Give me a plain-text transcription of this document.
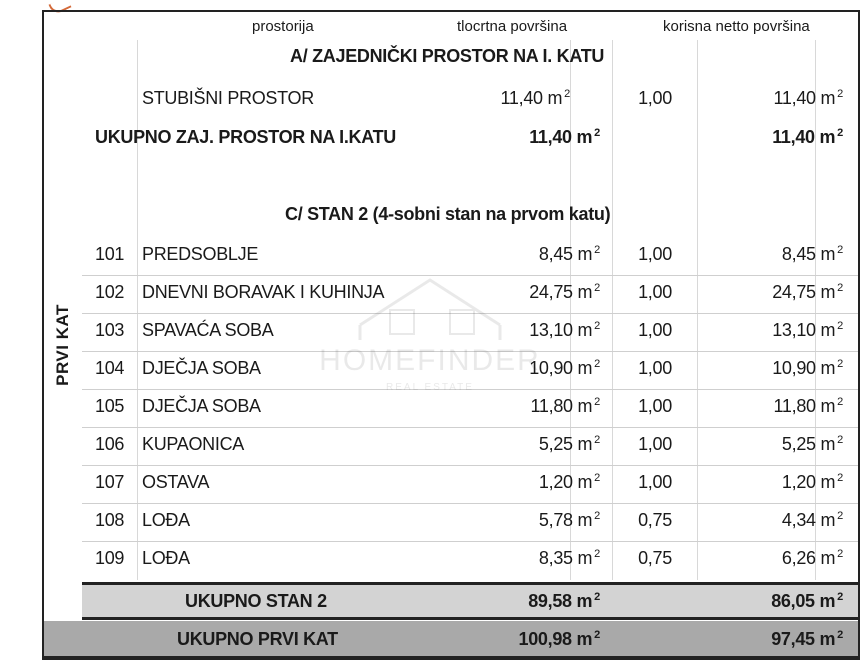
HOMEFINDER
REAL ESTATE
prostorija	tlocrtna površina	korisna netto površina
PRVI KAT
A/ ZAJEDNIČKI PROSTOR NA I. KATU
STUBIŠNI PROSTOR	11,40 m $^2$	1,00	11,40 m $^2$
UKUPNO ZAJ. PROSTOR NA I.KATU	11,40 m $^2$	11,40 m $^2$
C/ STAN 2 (4-sobni stan na prvom katu)
101 PREDSOBLJE	8,45 m $^2$	1,00	8,45 m $^2$
102 DNEVNI BORAVAK I KUHINJA	24,75 m $^2$	1,00	24,75 m $^2$
103 SPAVAĆA SOBA	13,10 m $^2$	1,00	13,10 m $^2$
104 DJEČJA SOBA	10,90 m $^2$	1,00	10,90 m $^2$
105 DJEČJA SOBA	11,80 m $^2$	1,00	11,80 m $^2$
106 KUPAONICA	5,25 m $^2$	1,00	5,25 m $^2$
107 OSTAVA	1,20 m $^2$	1,00	1,20 m $^2$
108 LOĐA	5,78 m $^2$	0,75	4,34 m $^2$
109 LOĐA	8,35 m $^2$	0,75	6,26 m $^2$
UKUPNO STAN 2	89,58 m $^2$	86,05 m $^2$
UKUPNO PRVI KAT	100,98 m $^2$	97,45 m $^2$
